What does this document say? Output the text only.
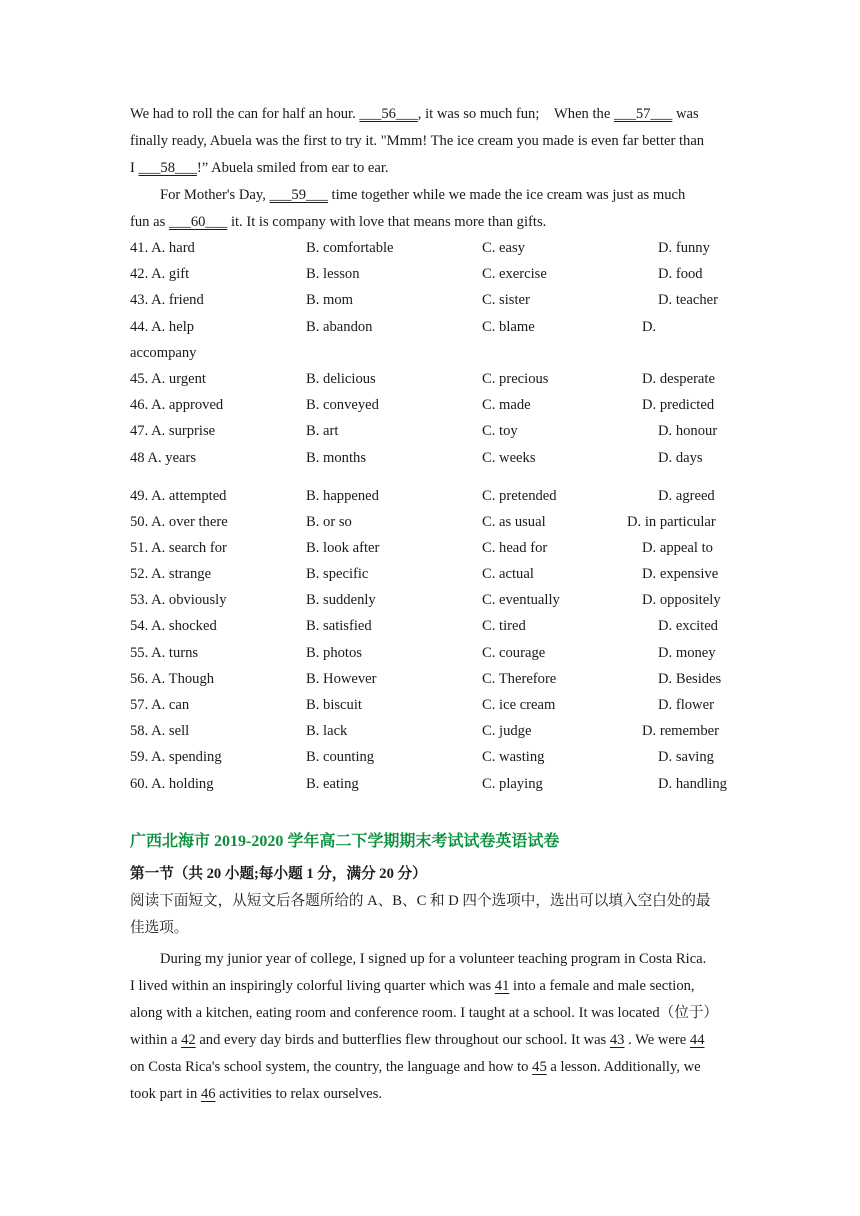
We had to roll the can for half an hour. ___56___, it was so much fun;    When the ___57___ was
finally ready, Abuela was the first to try it. "Mmm! The ice cream you made is even far better than
I ___58___!” Abuela smiled from ear to ear.
For Mother's Day, ___59___ time together while we made the ice cream was just as much
fun as ___60___ it. It is company with love that means more than gifts.
41. A. hard	B. comfortable	C. easy	D. funny
42. A. gift	B. lesson	C. exercise	D. food
43. A. friend	B. mom	C. sister	D. teacher
44. A. help	B. abandon	C. blame	D.
accompany
45. A. urgent	B. delicious	C. precious	D. desperate
46. A. approved	B. conveyed	C. made	D. predicted
47. A. surprise	B. art	C. toy	D. honour
48 A. years	B. months	C. weeks	D. days
49. A. attempted	B. happened	C. pretended	D. agreed
50. A. over there	B. or so	C. as usual	D. in particular
51. A. search for	B. look after	C. head for	D. appeal to
52. A. strange	B. specific	C. actual	D. expensive
53. A. obviously	B. suddenly	C. eventually	D. oppositely
54. A. shocked	B. satisfied	C. tired	D. excited
55. A. turns	B. photos	C. courage	D. money
56. A. Though	B. However	C. Therefore	D. Besides
57. A. can	B. biscuit	C. ice cream	D. flower
58. A. sell	B. lack	C. judge	D. remember
59. A. spending	B. counting	C. wasting	D. saving
60. A. holding	B. eating	C. playing	D. handling
广西北海市 2019-2020 学年高二下学期期末考试试卷英语试卷
第一节（共 20 小题;每小题 1 分，满分 20 分）
阅读下面短文，从短文后各题所给的 A、B、C 和 D 四个选项中，选出可以填入空白处的最
佳选项。
During my junior year of college, I signed up for a volunteer teaching program in Costa Rica.
I lived within an inspiringly colorful living quarter which was 41 into a female and male section,
along with a kitchen, eating room and conference room. I taught at a school. It was located（位于）
within a 42 and every day birds and butterflies flew throughout our school. It was 43 . We were 44
on Costa Rica's school system, the country, the language and how to 45 a lesson. Additionally, we
took part in 46 activities to relax ourselves.
